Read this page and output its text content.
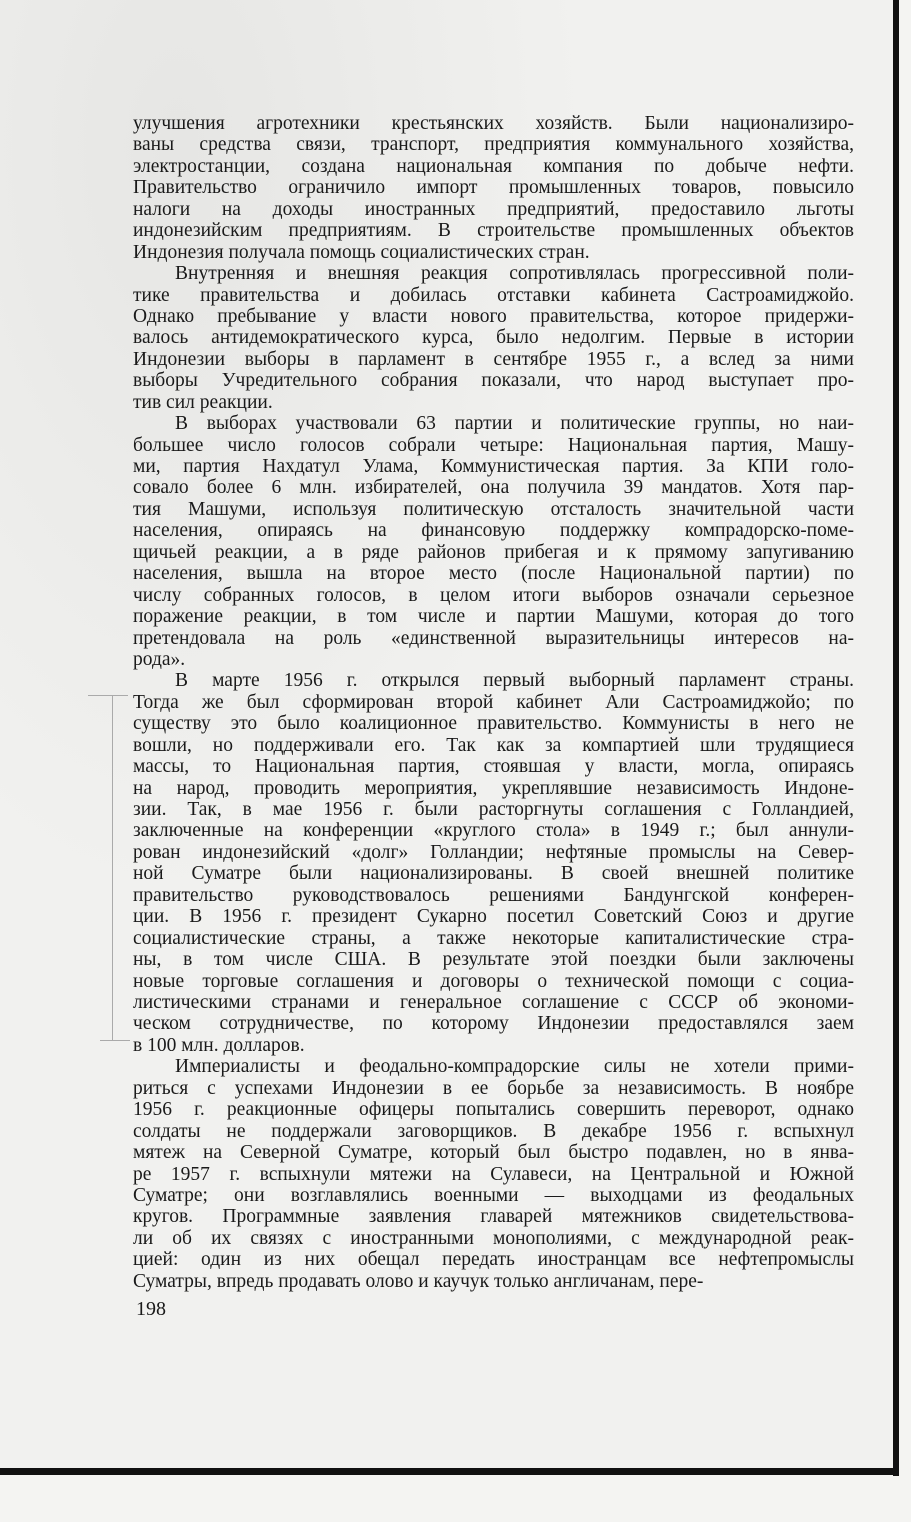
улучшения агротехники крестьянских хозяйств. Были национализиро-
ваны средства связи, транспорт, предприятия коммунального хозяйства,
электростанции, создана национальная компания по добыче нефти.
Правительство ограничило импорт промышленных товаров, повысило
налоги на доходы иностранных предприятий, предоставило льготы
индонезийским предприятиям. В строительстве промышленных объектов
Индонезия получала помощь социалистических стран.
Внутренняя и внешняя реакция сопротивлялась прогрессивной поли-
тике правительства и добилась отставки кабинета Састроамиджойо.
Однако пребывание у власти нового правительства, которое придержи-
валось антидемократического курса, было недолгим. Первые в истории
Индонезии выборы в парламент в сентябре 1955 г., а вслед за ними
выборы Учредительного собрания показали, что народ выступает про-
тив сил реакции.
В выборах участвовали 63 партии и политические группы, но наи-
большее число голосов собрали четыре: Национальная партия, Машу-
ми, партия Нахдатул Улама, Коммунистическая партия. За КПИ голо-
совало более 6 млн. избирателей, она получила 39 мандатов. Хотя пар-
тия Машуми, используя политическую отсталость значительной части
населения, опираясь на финансовую поддержку компрадорско-поме-
щичьей реакции, а в ряде районов прибегая и к прямому запугиванию
населения, вышла на второе место (после Национальной партии) по
числу собранных голосов, в целом итоги выборов означали серьезное
поражение реакции, в том числе и партии Машуми, которая до того
претендовала на роль «единственной выразительницы интересов на-
рода».
В марте 1956 г. открылся первый выборный парламент страны.
Тогда же был сформирован второй кабинет Али Састроамиджойо; по
существу это было коалиционное правительство. Коммунисты в него не
вошли, но поддерживали его. Так как за компартией шли трудящиеся
массы, то Национальная партия, стоявшая у власти, могла, опираясь
на народ, проводить мероприятия, укреплявшие независимость Индоне-
зии. Так, в мае 1956 г. были расторгнуты соглашения с Голландией,
заключенные на конференции «круглого стола» в 1949 г.; был аннули-
рован индонезийский «долг» Голландии; нефтяные промыслы на Север-
ной Суматре были национализированы. В своей внешней политике
правительство руководствовалось решениями Бандунгской конферен-
ции. В 1956 г. президент Сукарно посетил Советский Союз и другие
социалистические страны, а также некоторые капиталистические стра-
ны, в том числе США. В результате этой поездки были заключены
новые торговые соглашения и договоры о технической помощи с социа-
листическими странами и генеральное соглашение с СССР об экономи-
ческом сотрудничестве, по которому Индонезии предоставлялся заем
в 100 млн. долларов.
Империалисты и феодально-компрадорские силы не хотели прими-
риться с успехами Индонезии в ее борьбе за независимость. В ноябре
1956 г. реакционные офицеры попытались совершить переворот, однако
солдаты не поддержали заговорщиков. В декабре 1956 г. вспыхнул
мятеж на Северной Суматре, который был быстро подавлен, но в янва-
ре 1957 г. вспыхнули мятежи на Сулавеси, на Центральной и Южной
Суматре; они возглавлялись военными — выходцами из феодальных
кругов. Программные заявления главарей мятежников свидетельствова-
ли об их связях с иностранными монополиями, с международной реак-
цией: один из них обещал передать иностранцам все нефтепромыслы
Суматры, впредь продавать олово и каучук только англичанам, пере-
198
